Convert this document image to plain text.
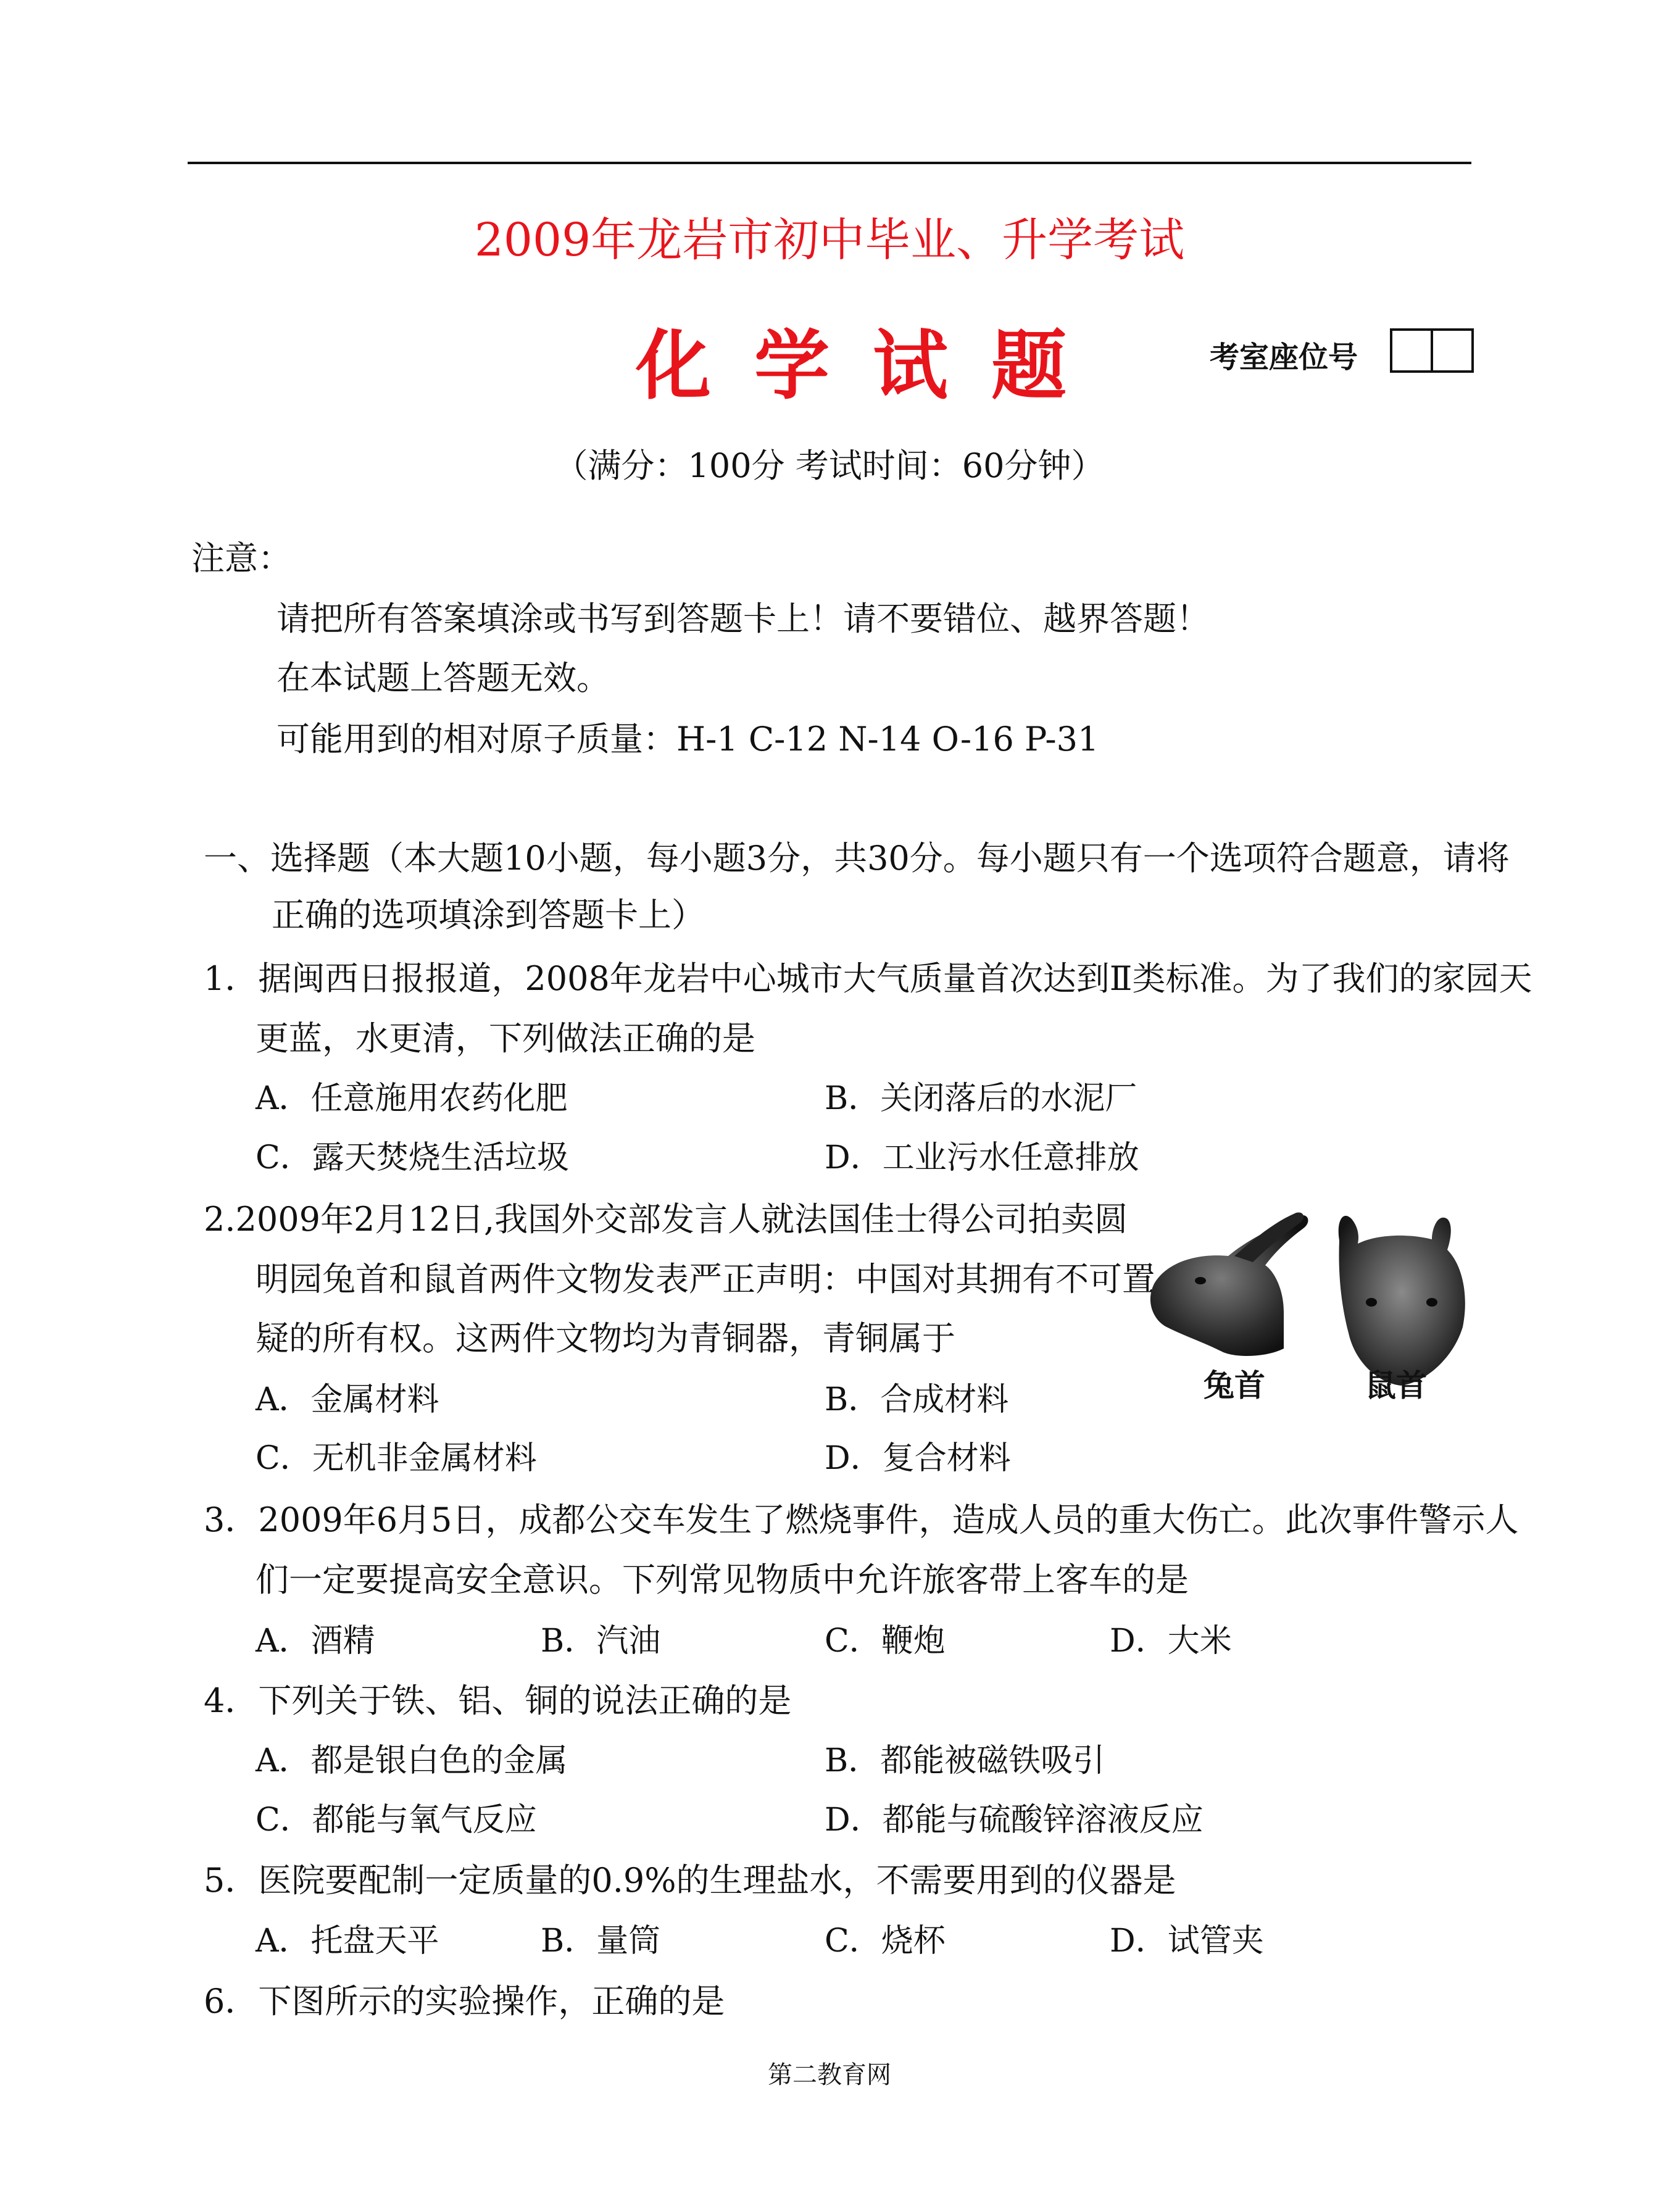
2009年龙岩市初中毕业、升学考试
化学试题	考室座位号
（满分：100分 考试时间：60分钟）
注意：
请把所有答案填涂或书写到答题卡上！请不要错位、越界答题！
在本试题上答题无效。
可能用到的相对原子质量：H-1 C-12 N-14 O-16 P-31
一、选择题（本大题10小题，每小题3分，共30分。每小题只有一个选项符合题意，请将
正确的选项填涂到答题卡上）
1．据闽西日报报道，2008年龙岩中心城市大气质量首次达到Ⅱ类标准。为了我们的家园天
更蓝，水更清，下列做法正确的是
A．任意施用农药化肥	B．关闭落后的水泥厂
C．露天焚烧生活垃圾	D．工业污水任意排放
2.2009年2月12日,我国外交部发言人就法国佳士得公司拍卖圆
明园兔首和鼠首两件文物发表严正声明：中国对其拥有不可置
疑的所有权。这两件文物均为青铜器，青铜属于
A．金属材料	B．合成材料
C．无机非金属材料	D．复合材料
兔首	鼠首
3．2009年6月5日，成都公交车发生了燃烧事件，造成人员的重大伤亡。此次事件警示人
们一定要提高安全意识。下列常见物质中允许旅客带上客车的是
A．酒精	B．汽油	C．鞭炮	D．大米
4．下列关于铁、铝、铜的说法正确的是
A．都是银白色的金属	B．都能被磁铁吸引
C．都能与氧气反应	D．都能与硫酸锌溶液反应
5．医院要配制一定质量的0.9%的生理盐水，不需要用到的仪器是
A．托盘天平	B．量筒	C．烧杯	D．试管夹
6．下图所示的实验操作，正确的是
第二教育网
